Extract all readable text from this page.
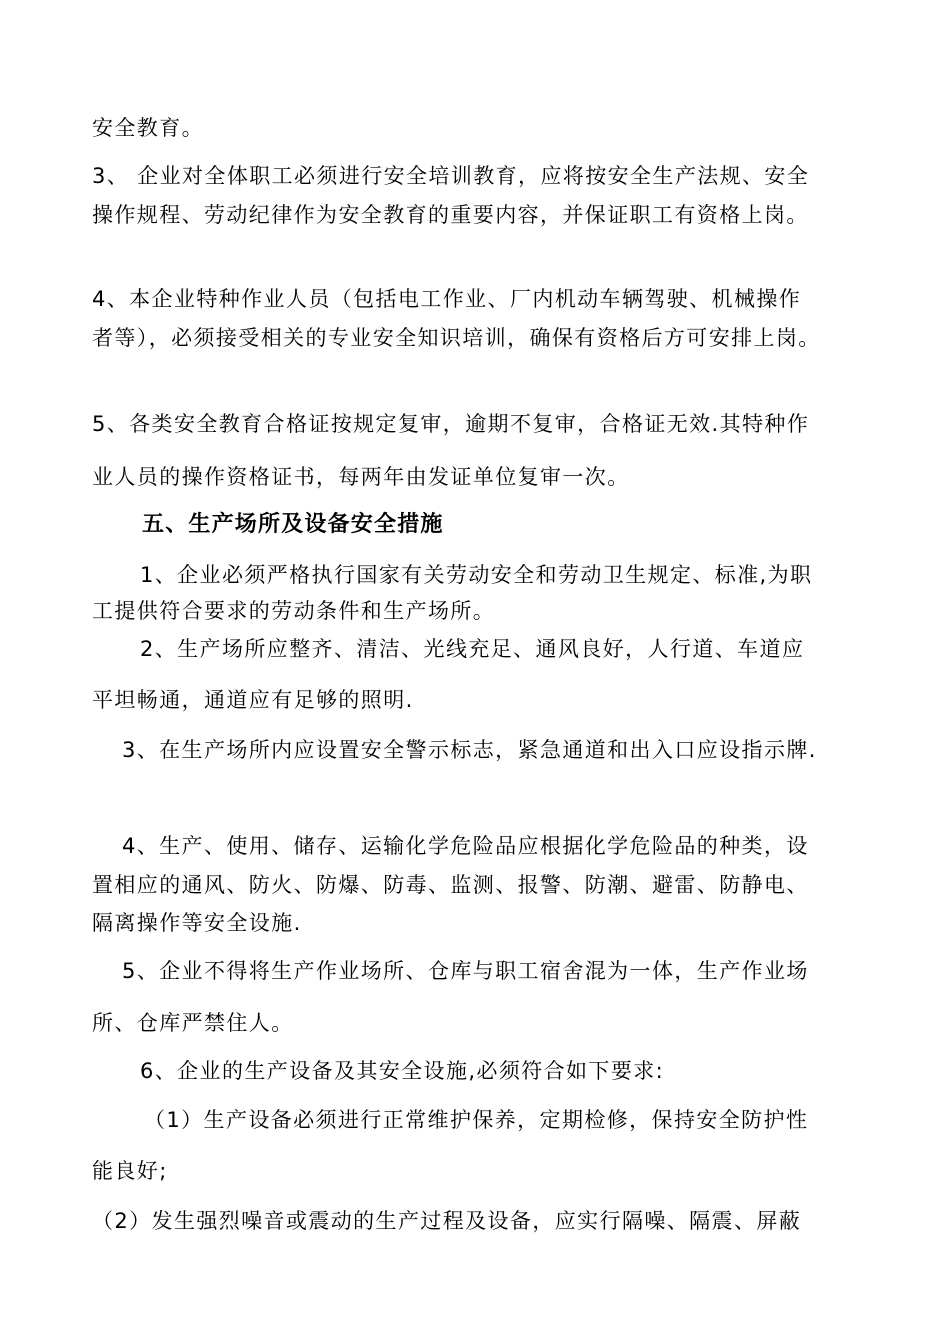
安全教育。
3、 企业对全体职工必须进行安全培训教育，应将按安全生产法规、安全
操作规程、劳动纪律作为安全教育的重要内容，并保证职工有资格上岗。
4、本企业特种作业人员（包括电工作业、厂内机动车辆驾驶、机械操作
者等），必须接受相关的专业安全知识培训，确保有资格后方可安排上岗。
5、各类安全教育合格证按规定复审，逾期不复审，合格证无效.其特种作
业人员的操作资格证书，每两年由发证单位复审一次。
五、生产场所及设备安全措施
1、企业必须严格执行国家有关劳动安全和劳动卫生规定、标准,为职
工提供符合要求的劳动条件和生产场所。
2、生产场所应整齐、清洁、光线充足、通风良好，人行道、车道应
平坦畅通，通道应有足够的照明.
3、在生产场所内应设置安全警示标志，紧急通道和出入口应设指示牌.
4、生产、使用、储存、运输化学危险品应根据化学危险品的种类，设
置相应的通风、防火、防爆、防毒、监测、报警、防潮、避雷、防静电、
隔离操作等安全设施.
5、企业不得将生产作业场所、仓库与职工宿舍混为一体，生产作业场
所、仓库严禁住人。
6、企业的生产设备及其安全设施,必须符合如下要求:
（1）生产设备必须进行正常维护保养，定期检修，保持安全防护性
能良好;
（2）发生强烈噪音或震动的生产过程及设备，应实行隔噪、隔震、屏蔽
